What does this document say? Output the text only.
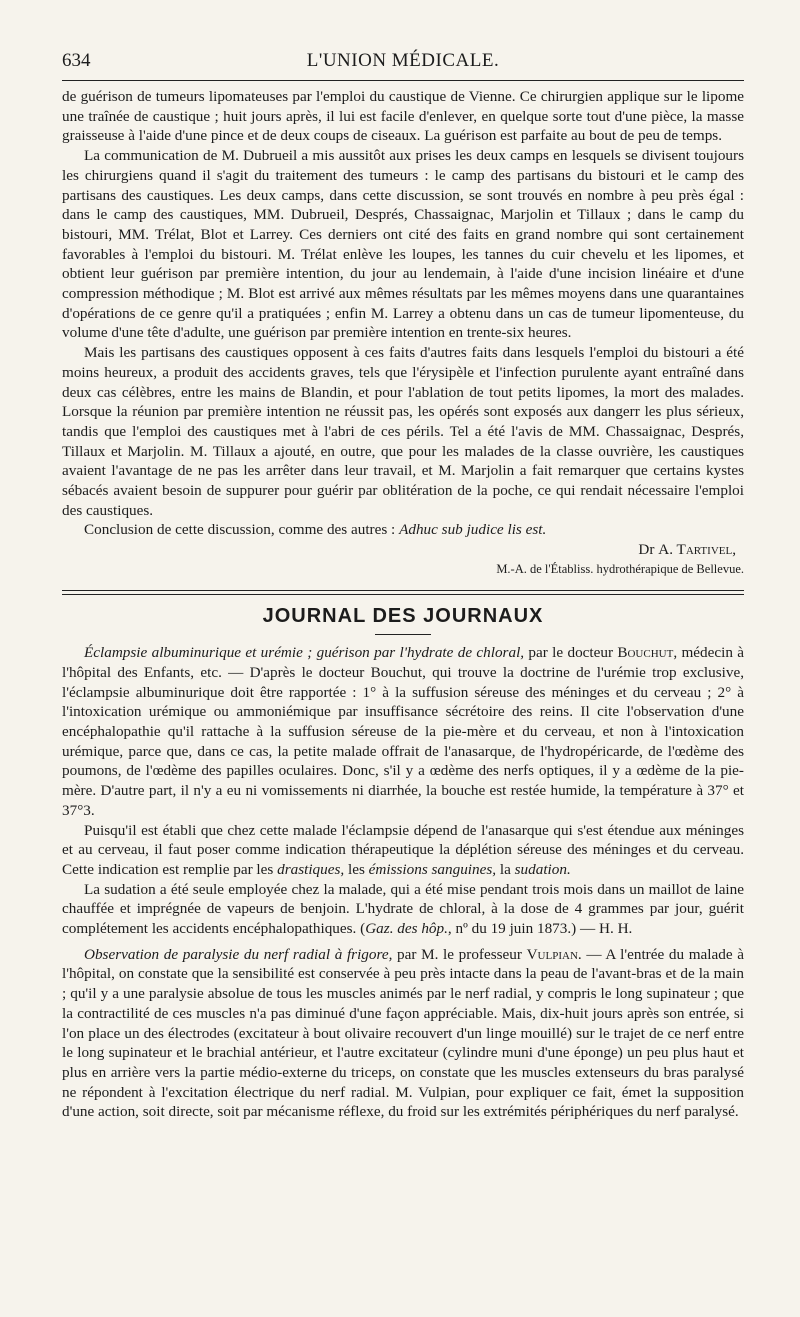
634	L'UNION MÉDICALE.

de guérison de tumeurs lipomateuses par l'emploi du caustique de Vienne. Ce chirurgien applique sur le lipome une traînée de caustique ; huit jours après, il lui est facile d'enlever, en quelque sorte tout d'une pièce, la masse graisseuse à l'aide d'une pince et de deux coups de ciseaux. La guérison est parfaite au bout de peu de temps.

La communication de M. Dubrueil a mis aussitôt aux prises les deux camps en lesquels se divisent toujours les chirurgiens quand il s'agit du traitement des tumeurs : le camp des partisans du bistouri et le camp des partisans des caustiques. Les deux camps, dans cette discussion, se sont trouvés en nombre à peu près égal : dans le camp des caustiques, MM. Dubrueil, Després, Chassaignac, Marjolin et Tillaux ; dans le camp du bistouri, MM. Trélat, Blot et Larrey. Ces derniers ont cité des faits en grand nombre qui sont certainement favorables à l'emploi du bistouri. M. Trélat enlève les loupes, les tannes du cuir chevelu et les lipomes, et obtient leur guérison par première intention, du jour au lendemain, à l'aide d'une incision linéaire et d'une compression méthodique ; M. Blot est arrivé aux mêmes résultats par les mêmes moyens dans une quarantaines d'opérations de ce genre qu'il a pratiquées ; enfin M. Larrey a obtenu dans un cas de tumeur lipomenteuse, du volume d'une tête d'adulte, une guérison par première intention en trente-six heures.

Mais les partisans des caustiques opposent à ces faits d'autres faits dans lesquels l'emploi du bistouri a été moins heureux, a produit des accidents graves, tels que l'érysipèle et l'infection purulente ayant entraîné dans deux cas célèbres, entre les mains de Blandin, et pour l'ablation de tout petits lipomes, la mort des malades. Lorsque la réunion par première intention ne réussit pas, les opérés sont exposés aux dangerr les plus sérieux, tandis que l'emploi des caustiques met à l'abri de ces périls. Tel a été l'avis de MM. Chassaignac, Després, Tillaux et Marjolin. M. Tillaux a ajouté, en outre, que pour les malades de la classe ouvrière, les caustiques avaient l'avantage de ne pas les arrêter dans leur travail, et M. Marjolin a fait remarquer que certains kystes sébacés avaient besoin de suppurer pour guérir par oblitération de la poche, ce qui rendait nécessaire l'emploi des caustiques.

Conclusion de cette discussion, comme des autres : Adhuc sub judice lis est.

Dr A. Tartivel,
M.-A. de l'Établiss. hydrothérapique de Bellevue.
JOURNAL DES JOURNAUX

Éclampsie albuminurique et urémie ; guérison par l'hydrate de chloral, par le docteur Bouchut, médecin à l'hôpital des Enfants, etc. — D'après le docteur Bouchut, qui trouve la doctrine de l'urémie trop exclusive, l'éclampsie albuminurique doit être rapportée : 1° à la suffusion séreuse des méninges et du cerveau ; 2° à l'intoxication urémique ou ammoniémique par insuffisance sécrétoire des reins. Il cite l'observation d'une encéphalopathie qu'il rattache à la suffusion séreuse de la pie-mère et du cerveau, et non à l'intoxication urémique, parce que, dans ce cas, la petite malade offrait de l'anasarque, de l'hydropéricarde, de l'œdème des poumons, de l'œdème des papilles oculaires. Donc, s'il y a œdème des nerfs optiques, il y a œdème de la pie-mère. D'autre part, il n'y a eu ni vomissements ni diarrhée, la bouche est restée humide, la température à 37° et 37°3.

Puisqu'il est établi que chez cette malade l'éclampsie dépend de l'anasarque qui s'est étendue aux méninges et au cerveau, il faut poser comme indication thérapeutique la déplétion séreuse des méninges et du cerveau. Cette indication est remplie par les drastiques, les émissions sanguines, la sudation.

La sudation a été seule employée chez la malade, qui a été mise pendant trois mois dans un maillot de laine chauffée et imprégnée de vapeurs de benjoin. L'hydrate de chloral, à la dose de 4 grammes par jour, guérit complétement les accidents encéphalopathiques. (Gaz. des hôp., nº du 19 juin 1873.) — H. H.

Observation de paralysie du nerf radial à frigore, par M. le professeur Vulpian. — A l'entrée du malade à l'hôpital, on constate que la sensibilité est conservée à peu près intacte dans la peau de l'avant-bras et de la main ; qu'il y a une paralysie absolue de tous les muscles animés par le nerf radial, y compris le long supinateur ; que la contractilité de ces muscles n'a pas diminué d'une façon appréciable. Mais, dix-huit jours après son entrée, si l'on place un des électrodes (excitateur à bout olivaire recouvert d'un linge mouillé) sur le trajet de ce nerf entre le long supinateur et le brachial antérieur, et l'autre excitateur (cylindre muni d'une éponge) un peu plus haut et plus en arrière vers la partie médio-externe du triceps, on constate que les muscles extenseurs du bras paralysé ne répondent à l'excitation électrique du nerf radial. M. Vulpian, pour expliquer ce fait, émet la supposition d'une action, soit directe, soit par mécanisme réflexe, du froid sur les extrémités périphériques du nerf paralysé.
